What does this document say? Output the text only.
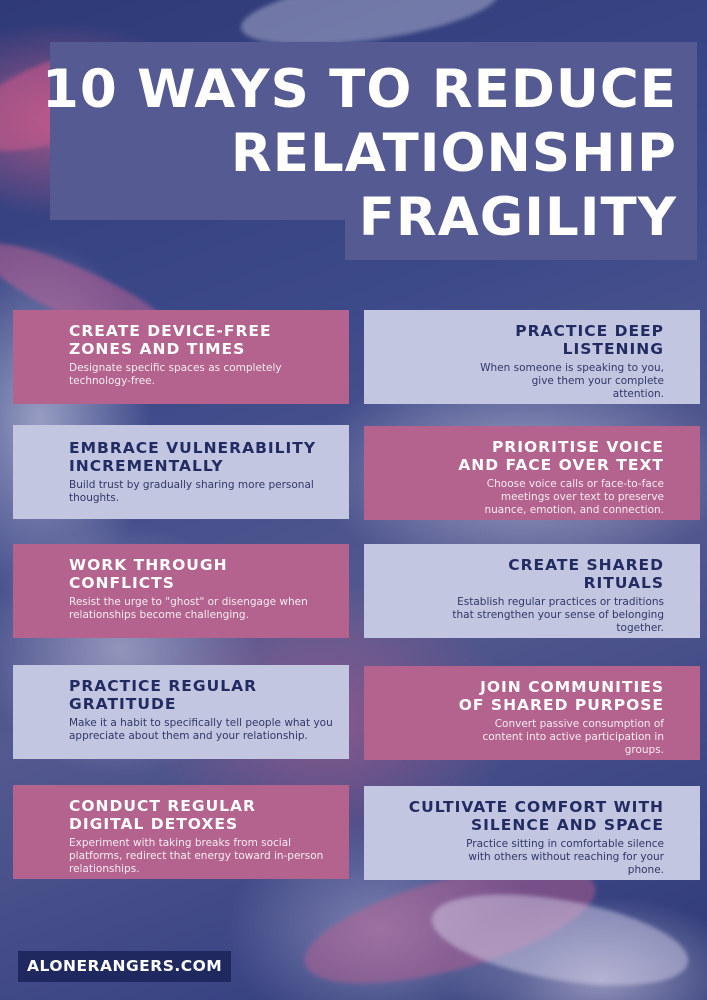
10 WAYS TO REDUCE
RELATIONSHIP
FRAGILITY
CREATE DEVICE-FREE ZONES AND TIMES
Designate specific spaces as completely technology-free.
EMBRACE VULNERABILITY INCREMENTALLY
Build trust by gradually sharing more personal thoughts.
WORK THROUGH CONFLICTS
Resist the urge to "ghost" or disengage when relationships become challenging.
PRACTICE REGULAR GRATITUDE
Make it a habit to specifically tell people what you appreciate about them and your relationship.
CONDUCT REGULAR DIGITAL DETOXES
Experiment with taking breaks from social platforms, redirect that energy toward in-person relationships.
PRACTICE DEEP LISTENING
When someone is speaking to you, give them your complete attention.
PRIORITISE VOICE AND FACE OVER TEXT
Choose voice calls or face-to-face meetings over text to preserve nuance, emotion, and connection.
CREATE SHARED RITUALS
Establish regular practices or traditions that strengthen your sense of belonging together.
JOIN COMMUNITIES OF SHARED PURPOSE
Convert passive consumption of content into active participation in groups.
CULTIVATE COMFORT WITH SILENCE AND SPACE
Practice sitting in comfortable silence with others without reaching for your phone.
ALONERANGERS.COM
